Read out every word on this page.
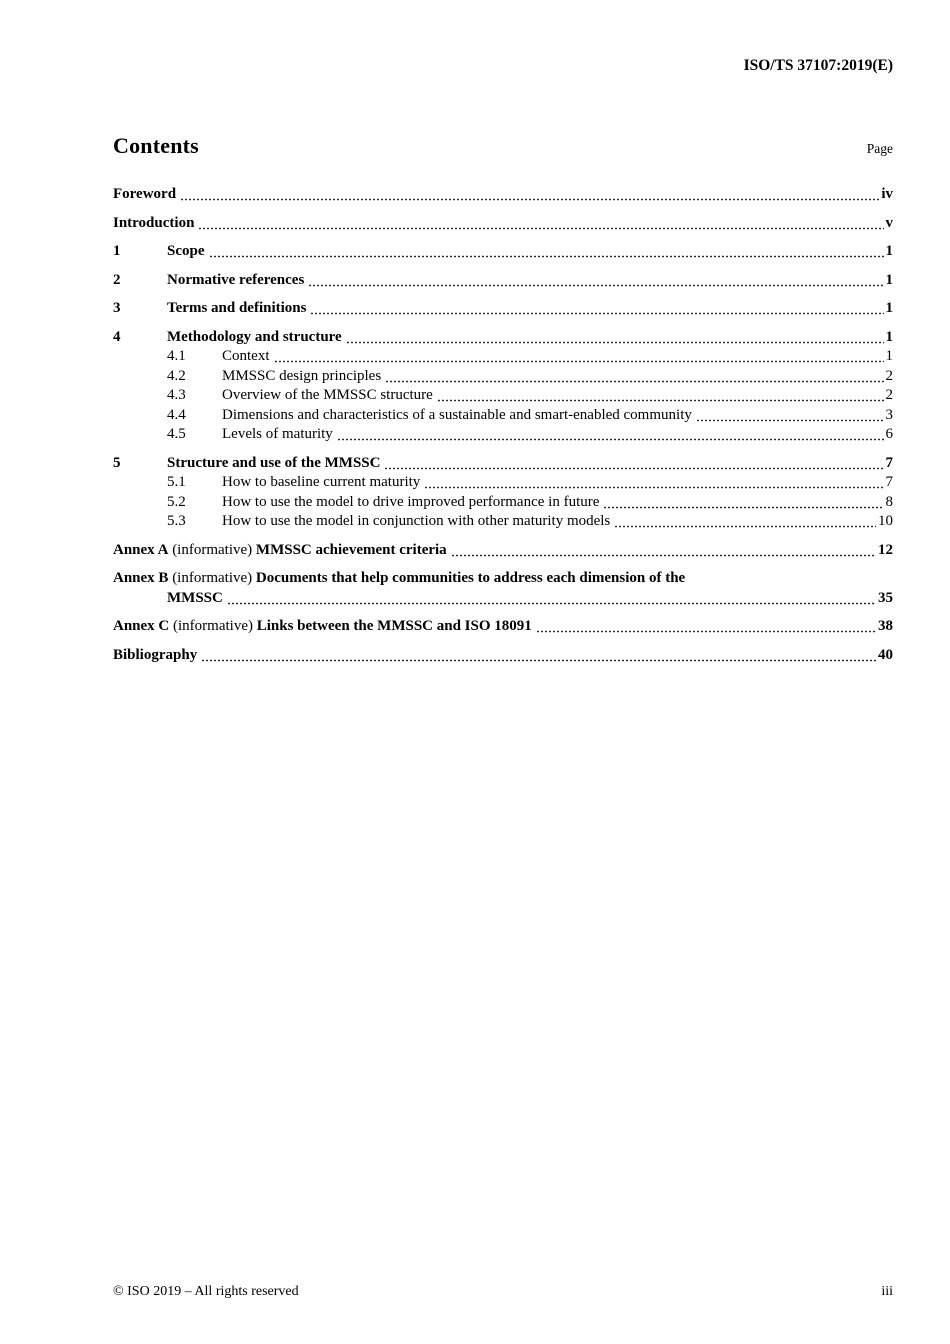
ISO/TS 37107:2019(E)
Contents	Page
Foreword	iv
Introduction	v
1	Scope	1
2	Normative references	1
3	Terms and definitions	1
4	Methodology and structure	1
4.1	Context	1
4.2	MMSSC design principles	2
4.3	Overview of the MMSSC structure	2
4.4	Dimensions and characteristics of a sustainable and smart-enabled community	3
4.5	Levels of maturity	6
5	Structure and use of the MMSSC	7
5.1	How to baseline current maturity	7
5.2	How to use the model to drive improved performance in future	8
5.3	How to use the model in conjunction with other maturity models	10
Annex A (informative) MMSSC achievement criteria	12
Annex B (informative) Documents that help communities to address each dimension of the
MMSSC	35
Annex C (informative) Links between the MMSSC and ISO 18091	38
Bibliography	40
© ISO 2019 – All rights reserved	iii
